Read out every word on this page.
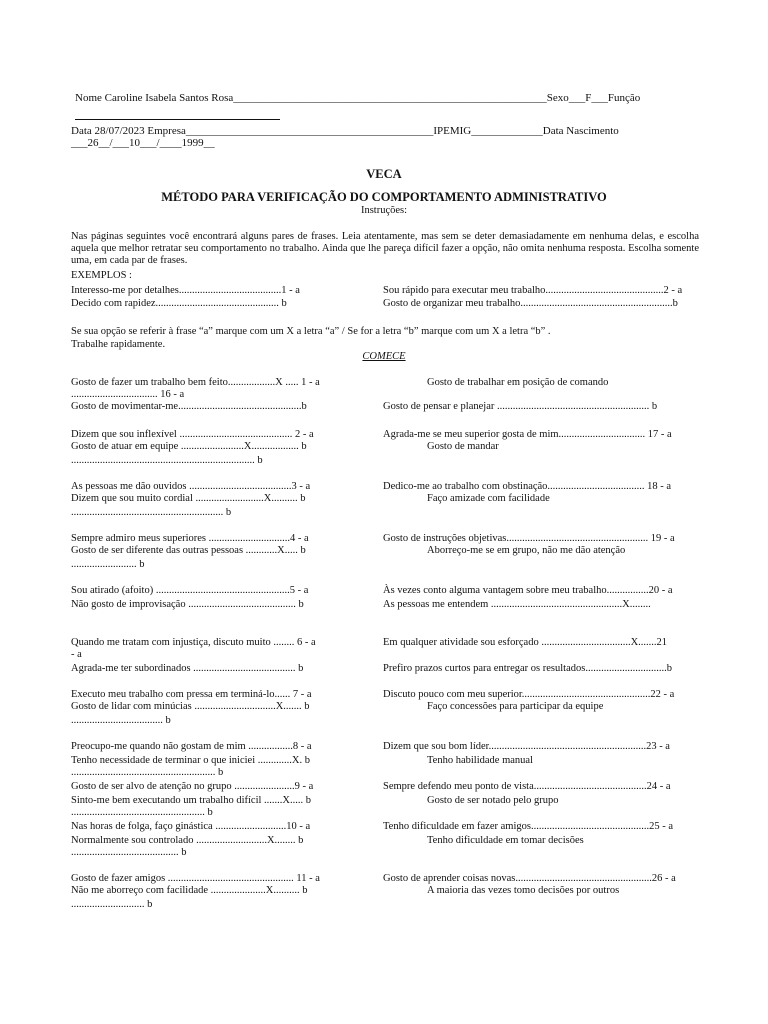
Nome Caroline Isabela Santos Rosa_________________________________________________________Sexo___F___Função
Data 28/07/2023 Empresa_____________________________________________IPEMIG_____________Data Nascimento
___26__/___10___/____1999__
VECA
MÉTODO PARA VERIFICAÇÃO DO COMPORTAMENTO ADMINISTRATIVO
Instruções:
Nas páginas seguintes você encontrará alguns pares de frases. Leia atentamente, mas sem se deter demasiadamente em nenhuma delas, e escolha aquela que melhor retratar seu comportamento no trabalho. Ainda que lhe pareça difícil fazer a opção, não omita nenhuma resposta. Escolha somente uma, em cada par de frases.
EXEMPLOS :
Interesso-me por detalhes.......................................1 - a
Decido com rapidez............................................... b
Sou rápido para executar meu trabalho.............................................2 - a
Gosto de organizar meu trabalho..........................................................b
Se sua opção se referir à frase “a” marque com um X a letra “a” / Se for a letra “b” marque com um X a letra “b” .
Trabalhe rapidamente.
COMECE
Gosto de fazer um trabalho bem feito..................X ..... 1 - a
................................. 16 - a
Gosto de movimentar-me...............................................b
Gosto de trabalhar em posição de comando
Gosto de pensar e planejar .......................................................... b
Dizem que sou inflexível ........................................... 2 - a
Gosto de atuar em equipe ........................X.................. b
...................................................................... b
Agrada-me se meu superior gosta de mim................................. 17 - a
Gosto de mandar
As pessoas me dão ouvidos .......................................3 - a
Dizem que sou muito cordial ..........................X.......... b
.......................................................... b
Dedico-me ao trabalho com obstinação..................................... 18 - a
Faço amizade com facilidade
Sempre admiro meus superiores ...............................4 - a
Gosto de ser diferente das outras pessoas ............X..... b
......................... b
Gosto de instruções objetivas...................................................... 19 - a
Aborreço-me se em grupo, não me dão atenção
Sou atirado (afoito) ...................................................5 - a
Não gosto de improvisação ......................................... b
Às vezes conto alguma vantagem sobre meu trabalho................20 - a
As pessoas me entendem ..................................................X........
Quando me tratam com injustiça, discuto muito ........ 6 - a
- a
Agrada-me ter subordinados ....................................... b
Em qualquer atividade sou esforçado ..................................X.......21
Prefiro prazos curtos para entregar os resultados...............................b
Executo meu trabalho com pressa em terminá-lo...... 7 - a
Gosto de lidar com minúcias ...............................X....... b
................................... b
Discuto pouco com meu superior.................................................22 - a
Faço concessões para participar da equipe
Preocupo-me quando não gostam de mim .................8 - a
Tenho necessidade de terminar o que iniciei .............X. b
....................................................... b
Dizem que sou bom líder............................................................23 - a
Tenho habilidade manual
Gosto de ser alvo de atenção no grupo .......................9 - a
Sinto-me bem executando um trabalho difícil .......X..... b
................................................... b
Sempre defendo meu ponto de vista...........................................24 - a
Gosto de ser notado pelo grupo
Nas horas de folga, faço ginástica ...........................10 - a
Normalmente sou controlado ...........................X........ b
......................................... b
Tenho dificuldade em fazer amigos.............................................25 - a
Tenho dificuldade em tomar decisões
Gosto de fazer amigos ................................................ 11 - a
Não me aborreço com facilidade .....................X.......... b
............................ b
Gosto de aprender coisas novas....................................................26 - a
A maioria das vezes tomo decisões por outros
